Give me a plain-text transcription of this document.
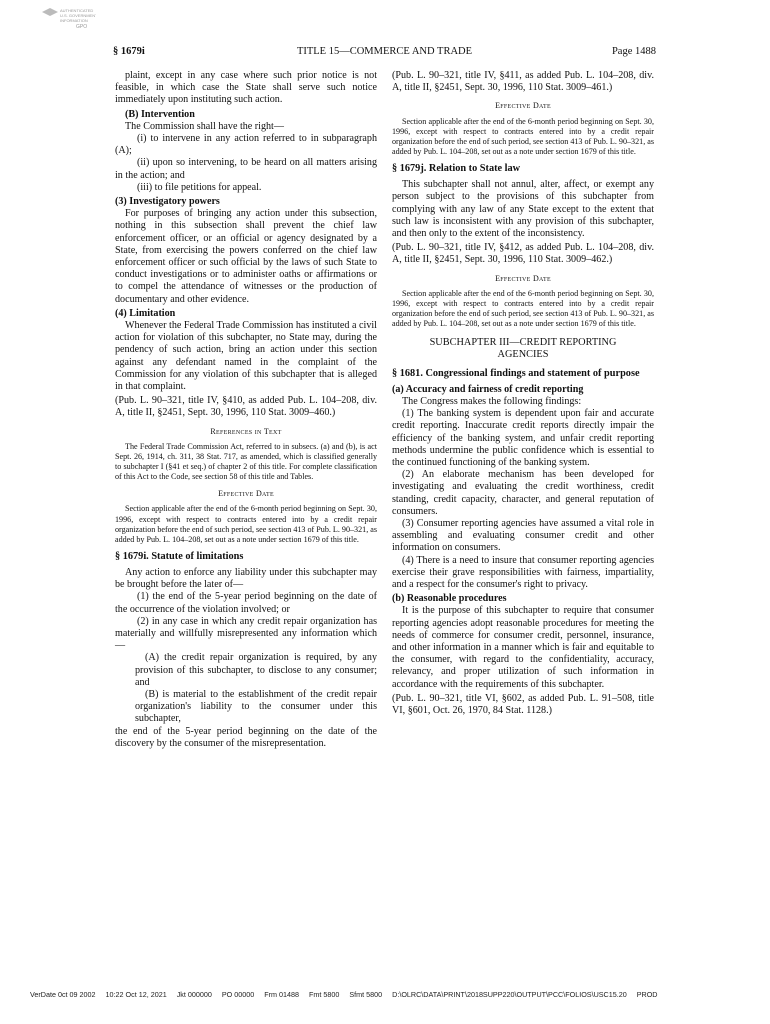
AUTHENTICATED
U.S. GOVERNMENT
INFORMATION
GPO
§ 1679i	TITLE 15—COMMERCE AND TRADE	Page 1488

plaint, except in any case where such prior notice is not feasible, in which case the State shall serve such notice immediately upon instituting such action.

(B) Intervention

The Commission shall have the right—

(i) to intervene in any action referred to in subparagraph (A);

(ii) upon so intervening, to be heard on all matters arising in the action; and

(iii) to file petitions for appeal.

(3) Investigatory powers

For purposes of bringing any action under this subsection, nothing in this subsection shall prevent the chief law enforcement officer, or an official or agency designated by a State, from exercising the powers conferred on the chief law enforcement officer or such official by the laws of such State to conduct investigations or to administer oaths or affirmations or to compel the attendance of witnesses or the production of documentary and other evidence.

(4) Limitation

Whenever the Federal Trade Commission has instituted a civil action for violation of this subchapter, no State may, during the pendency of such action, bring an action under this section against any defendant named in the complaint of the Commission for any violation of this subchapter that is alleged in that complaint.

(Pub. L. 90–321, title IV, §410, as added Pub. L. 104–208, div. A, title II, §2451, Sept. 30, 1996, 110 Stat. 3009–460.)

References in Text

The Federal Trade Commission Act, referred to in subsecs. (a) and (b), is act Sept. 26, 1914, ch. 311, 38 Stat. 717, as amended, which is classified generally to subchapter I (§41 et seq.) of chapter 2 of this title. For complete classification of this Act to the Code, see section 58 of this title and Tables.

Effective Date

Section applicable after the end of the 6-month period beginning on Sept. 30, 1996, except with respect to contracts entered into by a credit repair organization before the end of such period, see section 413 of Pub. L. 90–321, as added by Pub. L. 104–208, set out as a note under section 1679 of this title.

§ 1679i. Statute of limitations

Any action to enforce any liability under this subchapter may be brought before the later of—

(1) the end of the 5-year period beginning on the date of the occurrence of the violation involved; or

(2) in any case in which any credit repair organization has materially and willfully misrepresented any information which—

(A) the credit repair organization is required, by any provision of this subchapter, to disclose to any consumer; and

(B) is material to the establishment of the credit repair organization's liability to the consumer under this subchapter,

the end of the 5-year period beginning on the date of the discovery by the consumer of the misrepresentation.

(Pub. L. 90–321, title IV, §411, as added Pub. L. 104–208, div. A, title II, §2451, Sept. 30, 1996, 110 Stat. 3009–461.)

Effective Date

Section applicable after the end of the 6-month period beginning on Sept. 30, 1996, except with respect to contracts entered into by a credit repair organization before the end of such period, see section 413 of Pub. L. 90–321, as added by Pub. L. 104–208, set out as a note under section 1679 of this title.

§ 1679j. Relation to State law

This subchapter shall not annul, alter, affect, or exempt any person subject to the provisions of this subchapter from complying with any law of any State except to the extent that such law is inconsistent with any provision of this subchapter, and then only to the extent of the inconsistency.

(Pub. L. 90–321, title IV, §412, as added Pub. L. 104–208, div. A, title II, §2451, Sept. 30, 1996, 110 Stat. 3009–462.)

Effective Date

Section applicable after the end of the 6-month period beginning on Sept. 30, 1996, except with respect to contracts entered into by a credit repair organization before the end of such period, see section 413 of Pub. L. 90–321, as added by Pub. L. 104–208, set out as a note under section 1679 of this title.

SUBCHAPTER III—CREDIT REPORTING
AGENCIES

§ 1681. Congressional findings and statement of purpose

(a) Accuracy and fairness of credit reporting

The Congress makes the following findings:

(1) The banking system is dependent upon fair and accurate credit reporting. Inaccurate credit reports directly impair the efficiency of the banking system, and unfair credit reporting methods undermine the public confidence which is essential to the continued functioning of the banking system.

(2) An elaborate mechanism has been developed for investigating and evaluating the credit worthiness, credit standing, credit capacity, character, and general reputation of consumers.

(3) Consumer reporting agencies have assumed a vital role in assembling and evaluating consumer credit and other information on consumers.

(4) There is a need to insure that consumer reporting agencies exercise their grave responsibilities with fairness, impartiality, and a respect for the consumer's right to privacy.

(b) Reasonable procedures

It is the purpose of this subchapter to require that consumer reporting agencies adopt reasonable procedures for meeting the needs of commerce for consumer credit, personnel, insurance, and other information in a manner which is fair and equitable to the consumer, with regard to the confidentiality, accuracy, relevancy, and proper utilization of such information in accordance with the requirements of this subchapter.

(Pub. L. 90–321, title VI, §602, as added Pub. L. 91–508, title VI, §601, Oct. 26, 1970, 84 Stat. 1128.)

VerDate 0ct 09 2002 10:22 Oct 12, 2021 Jkt 000000 PO 00000 Frm 01488 Fmt 5800 Sfmt 5800 D:\OLRC\DATA\PRINT\2018SUPP220\OUTPUT\PCC\FOLIOS\USC15.20 PROD
